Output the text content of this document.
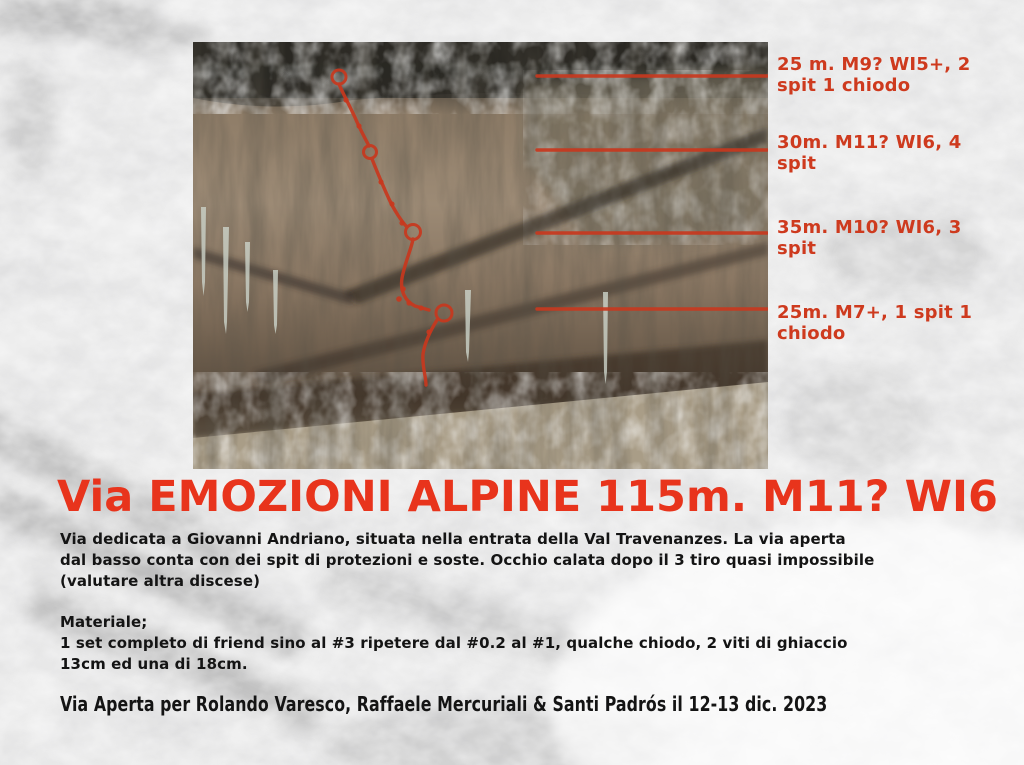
25 m. M9? WI5+, 2
spit 1 chiodo
30m. M11? WI6, 4
spit
35m. M10? WI6, 3
spit
25m. M7+, 1 spit 1
chiodo
Via EMOZIONI ALPINE 115m. M11? WI6
Via dedicata a Giovanni Andriano, situata nella entrata della Val Travenanzes. La via aperta
dal basso conta con dei spit di protezioni e soste. Occhio calata dopo il 3 tiro quasi impossibile
(valutare altra discese)
Materiale;
1 set completo di friend sino al #3 ripetere dal #0.2 al #1, qualche chiodo, 2 viti di ghiaccio
13cm ed una di 18cm.
Via Aperta per Rolando Varesco, Raffaele Mercuriali & Santi Padrós il 12-13 dic. 2023
